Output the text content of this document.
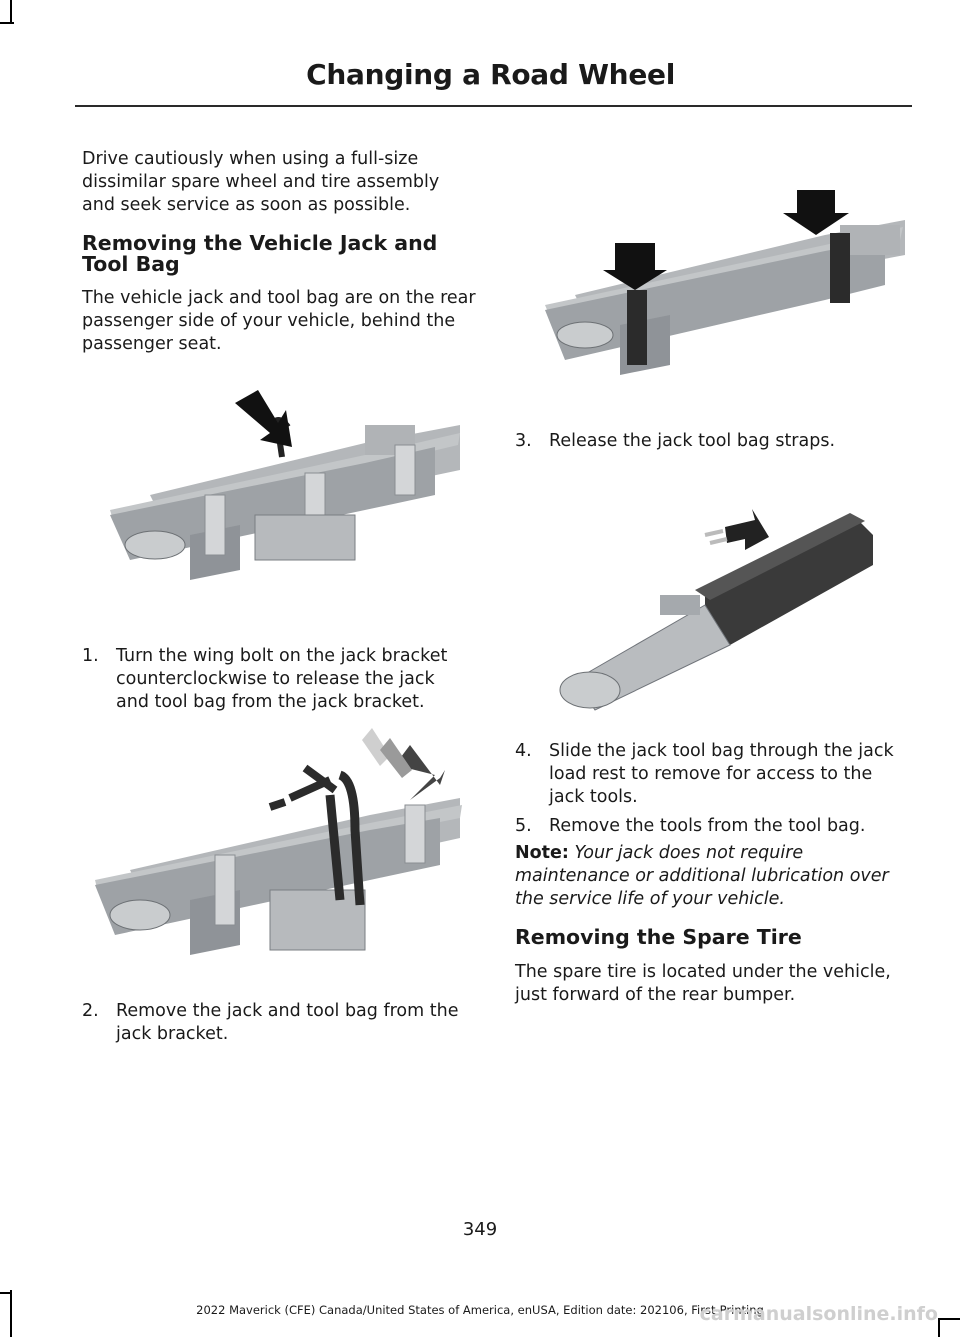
Changing a Road Wheel

Drive cautiously when using a full-size dissimilar spare wheel and tire assembly and seek service as soon as possible.

Removing the Vehicle Jack and
Tool Bag

The vehicle jack and tool bag are on the rear passenger side of your vehicle, behind the passenger seat.

1. Turn the wing bolt on the jack bracket counterclockwise to release the jack and tool bag from the jack bracket.
2. Remove the jack and tool bag from the jack bracket.
3. Release the jack tool bag straps.
4. Slide the jack tool bag through the jack load rest to remove for access to the jack tools.
5. Remove the tools from the tool bag.
Note: Your jack does not require maintenance or additional lubrication over the service life of your vehicle.
Removing the Spare Tire

The spare tire is located under the vehicle, just forward of the rear bumper.

349
2022 Maverick (CFE) Canada/United States of America, enUSA, Edition date: 202106, First-Printing
carmanualsonline.info
